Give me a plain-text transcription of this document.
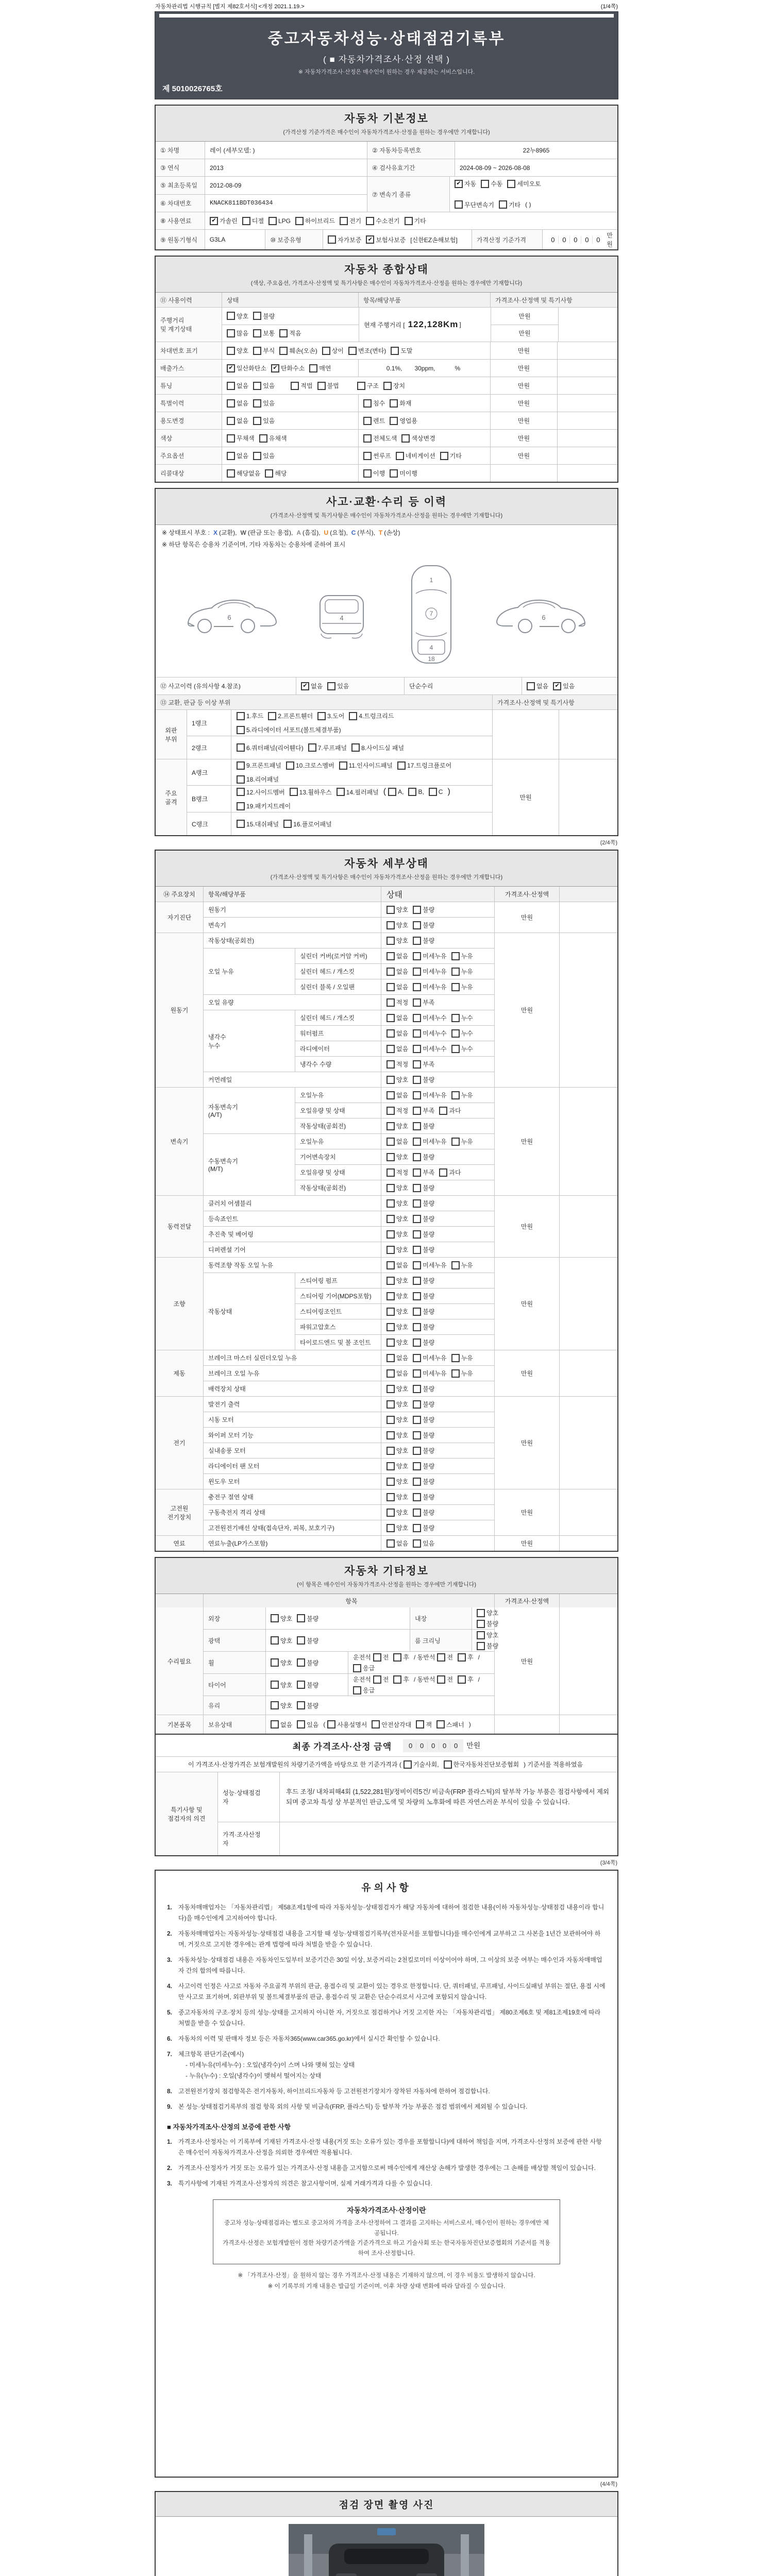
자동차관리법 시행규칙 [별지 제82호서식] <개정 2021.1.19.>	(1/4쪽)
중고자동차성능·상태점검기록부
( ■ 자동차가격조사·산정 선택 )
※ 자동차가격조사·산정은 매수인이 원하는 경우 제공하는 서비스입니다.
제 5010026765호
자동차 기본정보

(가격산정 기준가격은 매수인이 자동차가격조사·산정을 원하는 경우에만 기재합니다)

① 차명	레이 (세부모델: )	② 자동차등록번호	22누8965
③ 연식	2013	④ 검사유효기간	2024-08-09 ~ 2026-08-08
⑤ 최초등록일	2012-08-09
⑥ 차대번호	KNACK811BDT036434
⑦ 변속기 종류
✔ 자동 수동 세미오토
무단변속기 기타 ( )
⑧ 사용연료	✔ 가솔린 디젤 LPG 하이브리드 전기 수소전기 기타
⑨ 원동기형식	G3LA	⑩ 보증유형	자가보증	✔ 보험사보증 [신한EZ손해보험]	가격산정 기준가격	0	0	0	0	0
만원
자동차 종합상태

(색상, 주요옵션, 가격조사·산정액 및 특기사항은 매수인이 자동차가격조사·산정을 원하는 경우에만 기재합니다)

⑪ 사용이력	상태	항목/해당부품	가격조사·산정액 및 특기사항
주행거리
및 계기상태
양호 불량
많음 보통 적음
현재 주행거리 [ 122,128Km ]
만원
만원
차대번호 표기	양호 부식 훼손(오손) 상이 변조(변타) 도말	만원
배출가스	✔ 일산화탄소	✔ 탄화수소 매연	0.1%, 30ppm,	%	만원
튜닝	없음 있음	적법 불법	구조 장치	만원
특별이력	없음 있음	침수 화재	만원
용도변경	없음 있음	렌트 영업용	만원
색상	무채색 유채색	전체도색 색상변경	만원
주요옵션	없음 있음	썬루프 네비게이션 기타	만원
리콜대상	해당없음 해당	이행 미이행
사고·교환·수리 등 이력

(가격조사·산정액 및 특기사항은 매수인이 자동차가격조사·산정을 원하는 경우에만 기재합니다)

※ 상태표시 부호 : X (교환), W (판금 또는 용접), A (흠집), U (요철), C (부식), T (손상)
※ 하단 항목은 승용차 기준이며, 기타 자동차는 승용차에 준하여 표시
6	4
1
7
4
18
6
⑫ 사고이력 (유의사항 4.참조)	✔ 없음 있음	단순수리	없음	✔ 있음
⑬ 교환, 판금 등 이상 부위	가격조사·산정액 및 특기사항
외판
부위
1랭크
1.후드 2.프론트휀더 3.도어 4.트렁크리드
5.라디에이터 서포트(볼트체결부품)
2랭크	6.쿼터패널(리어휀다) 7.루프패널 8.사이드실 패널
주요
골격
A랭크
9.프론트패널 10.크로스멤버 11.인사이드패널 17.트렁크플로어
18.리어패널
B랭크
12.사이드멤버 13.휠하우스 14.필러패널 ( A, B, C )
19.패키지트레이
C랭크	15.대쉬패널 16.플로어패널
만원
(2/4쪽)
자동차 세부상태

(가격조사·산정액 및 특기사항은 매수인이 자동차가격조사·산정을 원하는 경우에만 기재합니다)

⑭ 주요장치	항목/해당부품	상태	가격조사·산정액
자기진단
원동기	양호 불량
변속기	양호 불량
만원
원동기
작동상태(공회전)	양호 불량
오일 누유
실린더 커버(로커암 커버)	없음 미세누유 누유
실린더 헤드 / 개스킷	없음 미세누유 누유
실린더 블록 / 오일팬	없음 미세누유 누유
오일 유량	적정 부족
냉각수
누수
실린더 헤드 / 개스킷	없음 미세누수 누수
워터펌프	없음 미세누수 누수
라디에이터	없음 미세누수 누수
냉각수 수량	적정 부족
커먼레일	양호 불량
만원
변속기
자동변속기
(A/T)
오일누유	없음 미세누유 누유
오일유량 및 상태	적정 부족 과다
작동상태(공회전)	양호 불량
수동변속기
(M/T)
오일누유	없음 미세누유 누유
기어변속장치	양호 불량
오일유량 및 상태	적정 부족 과다
작동상태(공회전)	양호 불량
만원
동력전달
클러치 어셈블리	양호 불량
등속죠인트	양호 불량
추진축 및 베어링	양호 불량
디퍼렌셜 기어	양호 불량
만원
조향
동력조향 작동 오일 누유	없음 미세누유 누유
작동상태
스티어링 펌프	양호 불량
스티어링 기어(MDPS포함)	양호 불량
스티어링조인트	양호 불량
파워고압호스	양호 불량
타이로드엔드 및 볼 조인트	양호 불량
만원
제동
브레이크 마스터 실린더오일 누유	없음 미세누유 누유
브레이크 오일 누유	없음 미세누유 누유
배력장치 상태	양호 불량
만원
전기
발전기 출력	양호 불량
시동 모터	양호 불량
와이퍼 모터 기능	양호 불량
실내송풍 모터	양호 불량
라디에이터 팬 모터	양호 불량
윈도우 모터	양호 불량
만원
고전원
전기장치
충전구 절연 상태	양호 불량
구동축전지 격리 상태	양호 불량
고전원전기배선 상태(접속단자, 피복, 보호기구)	양호 불량
만원
연료	연료누출(LP가스포함)	없음 있음	만원
자동차 기타정보

(이 항목은 매수인이 자동차가격조사·산정을 원하는 경우에만 기재합니다)

항목	가격조사·산정액
수리필요
외장	양호 불량	내장
양호
불량
광택	양호 불량	룸 크리닝
양호
불량
휠	양호 불량
운전석 전 후 / 동반석 전 후 /
응급
타이어	양호 불량
운전석 전 후 / 동반석 전 후 /
응급
유리	양호 불량
만원
기본품목	보유상태	없음 있음 ( 사용설명서 안전삼각대 잭 스패너 )
최종 가격조사·산정 금액	0	0	0	0	0	만원
이 가격조사·산정가격은 보험개발원의 차량기준가액을 바탕으로 한 기준가격과 ( 기술사회, 한국자동차진단보증협회 ) 기준서를 적용하였음
특기사항 및
점검자의 의견
성능·상태점검
자
후드 조정/ 내차피해4회 (1,522,281원)/정비이력5건/ 비금속(FRP 플라스틱)의 탈부착 가능 부품은 점검사항에서 제외되며 중고차 특성 상 부분적인 판금,도색 및 차량의 노후화에 따른 자연스러운 부식이 있을 수 있습니다.
가격·조사산정
자
(3/4쪽)
유의사항
1. 자동차매매업자는 「자동차관리법」 제58조제1항에 따라 자동차성능·상태점검자가 해당 자동차에 대하여 점검한 내용(이하 자동차성능·상태점검 내용이라 합니다)을 매수인에게 고지하여야 합니다.
2. 자동차매매업자는 자동차성능·상태점검 내용을 고지할 때 성능·상태점검기록부(전자문서를 포함합니다)를 매수인에게 교부하고 그 사본을 1년간 보관하여야 하며, 거짓으로 고지한 경우에는 관계 법령에 따라 처벌을 받을 수 있습니다.
3. 자동차성능·상태점검 내용은 자동차인도일부터 보증기간은 30일 이상, 보증거리는 2천킬로미터 이상이어야 하며, 그 이상의 보증 여부는 매수인과 자동차매매업자 간의 합의에 따릅니다.
4. 사고이력 인정은 사고로 자동차 주요골격 부위의 판금, 용접수리 및 교환이 있는 경우로 한정합니다. 단, 쿼터패널, 루프패널, 사이드실패널 부위는 절단, 용접 시에만 사고로 표기하며, 외판부위 및 볼트체결부품의 판금, 용접수리 및 교환은 단순수리로서 사고에 포함되지 않습니다.
5. 중고자동차의 구조·장치 등의 성능·상태를 고지하지 아니한 자, 거짓으로 점검하거나 거짓 고지한 자는 「자동차관리법」 제80조제6호 및 제81조제19호에 따라 처벌을 받을 수 있습니다.
6. 자동차의 이력 및 판매자 정보 등은 자동차365(www.car365.go.kr)에서 실시간 확인할 수 있습니다.
7. 체크항목 판단기준(예시)
- 미세누유(미세누수) : 오일(냉각수)이 스며 나와 맺혀 있는 상태
- 누유(누수) : 오일(냉각수)이 맺혀서 떨어지는 상태
8. 고전원전기장치 점검항목은 전기자동차, 하이브리드자동차 등 고전원전기장치가 장착된 자동차에 한하여 점검합니다.
9. 본 성능·상태점검기록부의 점검 항목 외의 사항 및 비금속(FRP, 플라스틱) 등 탈부착 가능 부품은 점검 범위에서 제외될 수 있습니다.
■ 자동차가격조사·산정의 보증에 관한 사항
1. 가격조사·산정자는 이 기록부에 기재된 가격조사·산정 내용(거짓 또는 오류가 있는 경우를 포함합니다)에 대하여 책임을 지며, 가격조사·산정의 보증에 관한 사항은 매수인이 자동차가격조사·산정을 의뢰한 경우에만 적용됩니다.
2. 가격조사·산정자가 거짓 또는 오류가 있는 가격조사·산정 내용을 고지함으로써 매수인에게 재산상 손해가 발생한 경우에는 그 손해를 배상할 책임이 있습니다.
3. 특기사항에 기재된 가격조사·산정자의 의견은 참고사항이며, 실제 거래가격과 다를 수 있습니다.
자동차가격조사·산정이란
중고차 성능·상태점검과는 별도로 중고차의 가격을 조사·산정하여 그 결과를 고지하는 서비스로서, 매수인이 원하는 경우에만 제공됩니다.
가격조사·산정은 보험개발원이 정한 차량기준가액을 기준가격으로 하고 기술사회 또는 한국자동차진단보증협회의 기준서를 적용하여 조사·산정합니다.
※ 「가격조사·산정」을 원하지 않는 경우 가격조사·산정 내용은 기재하지 않으며, 이 경우 비용도 발생하지 않습니다.
※ 이 기록부의 기재 내용은 발급일 기준이며, 이후 차량 상태 변화에 따라 달라질 수 있습니다.
(4/4쪽)
점검 장면 촬영 사진
